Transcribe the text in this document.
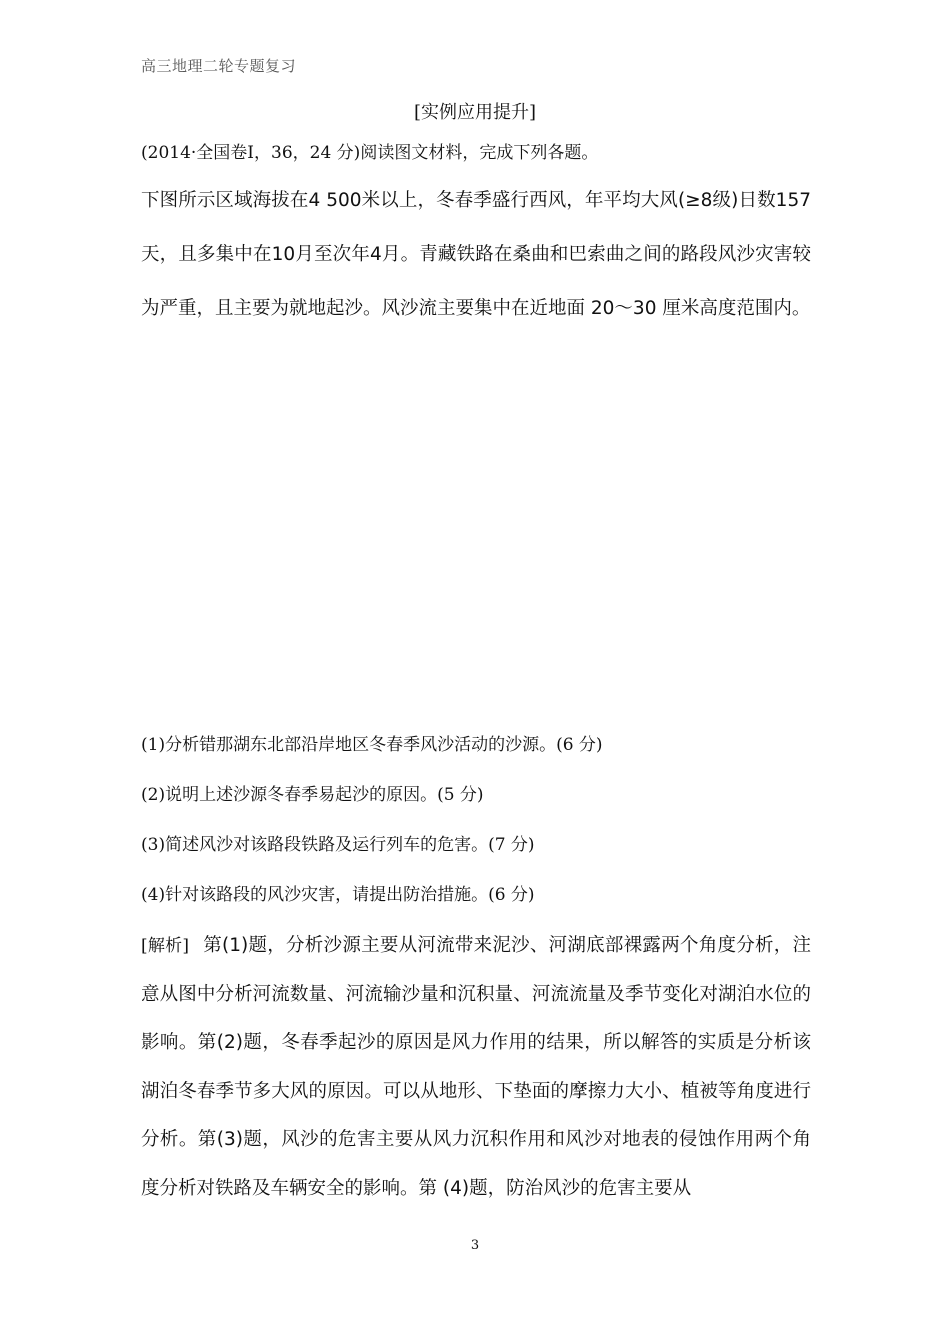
高三地理二轮专题复习
[实例应用提升]
(2014·全国卷Ⅰ，36，24 分)阅读图文材料，完成下列各题。
下图所示区域海拔在4 500米以上，冬春季盛行西风，年平均大风(≥8级)日数157天，且多集中在10月至次年4月。青藏铁路在桑曲和巴索曲之间的路段风沙灾害较为严重，且主要为就地起沙。风沙流主要集中在近地面 20～30 厘米高度范围内。
(1)分析错那湖东北部沿岸地区冬春季风沙活动的沙源。(6 分)
(2)说明上述沙源冬春季易起沙的原因。(5 分)
(3)简述风沙对该路段铁路及运行列车的危害。(7 分)
(4)针对该路段的风沙灾害，请提出防治措施。(6 分)
[解析] 第(1)题，分析沙源主要从河流带来泥沙、河湖底部裸露两个角度分析，注意从图中分析河流数量、河流输沙量和沉积量、河流流量及季节变化对湖泊水位的影响。第(2)题，冬春季起沙的原因是风力作用的结果，所以解答的实质是分析该湖泊冬春季节多大风的原因。可以从地形、下垫面的摩擦力大小、植被等角度进行分析。第(3)题，风沙的危害主要从风力沉积作用和风沙对地表的侵蚀作用两个角度分析对铁路及车辆安全的影响。第 (4)题，防治风沙的危害主要从
3
